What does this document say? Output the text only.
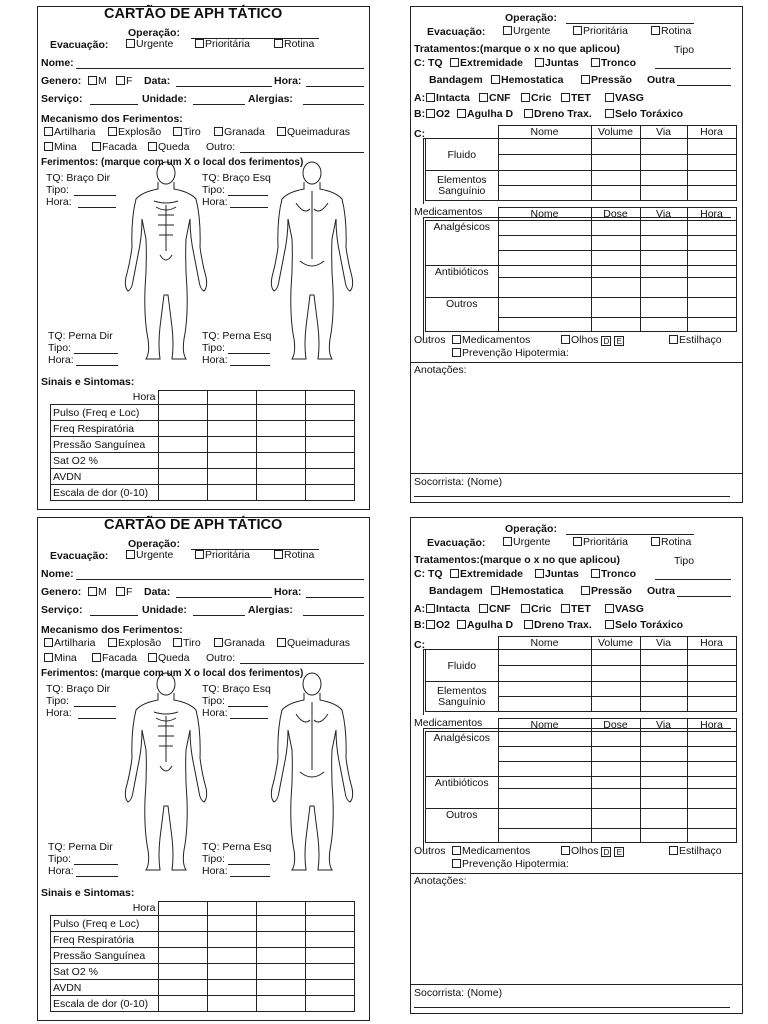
CARTÃO DE APH TÁTICO
Operação:
Evacuação:	Urgente	Prioritária	Rotina
Nome:
Genero:	M	F Data:	Hora:
Serviço:	Unidade:	Alergias:
Mecanismo dos Ferimentos:
Artilharia	Explosão	Tiro	Granada	Queimaduras
Mina	Facada	Queda Outro:
Ferimentos: (marque com um X o local dos ferimentos)
TQ: Braço Dir
Tipo:
Hora:
TQ: Braço Esq
Tipo:
Hora:
TQ: Perna Dir
Tipo:
Hora:
TQ: Perna Esq
Tipo:
Hora:
Sinais e Sintomas:
Hora				
Pulso (Freq e Loc)				
Freq Respiratória				
Pressão Sanguínea				
Sat O2 %				
AVDN				
Escala de dor (0-10)				
Operação:
Evacuação:	Urgente	Prioritária	Rotina
Tratamentos:(marque o x no que aplicou)	Tipo
C: TQ	Extremidade	Juntas	Tronco
Bandagem	Hemostatica	Pressão Outra
A:	Intacta	CNF	Cric	TET	VASG
B:	O2	Agulha D	Dreno Trax.	Selo Toráxico
C:
		Nome	Volume	Via	Hora
Fluido				

Elementos
Sanguínio				

Medicamentos
		Nome	Dose	Via	Hora
Analgésicos				

Antibióticos				

Outros				

Outros	Medicamentos	Olhos D E	Estilhaço
Prevenção Hipotermia:
Anotações:
Socorrista: (Nome)
CARTÃO DE APH TÁTICO
Operação:
Evacuação:	Urgente	Prioritária	Rotina
Nome:
Genero:	M	F Data:	Hora:
Serviço:	Unidade:	Alergias:
Mecanismo dos Ferimentos:
Artilharia	Explosão	Tiro	Granada	Queimaduras
Mina	Facada	Queda Outro:
Ferimentos: (marque com um X o local dos ferimentos)
TQ: Braço Dir
Tipo:
Hora:
TQ: Braço Esq
Tipo:
Hora:
TQ: Perna Dir
Tipo:
Hora:
TQ: Perna Esq
Tipo:
Hora:
Sinais e Sintomas:
Hora				
Pulso (Freq e Loc)				
Freq Respiratória				
Pressão Sanguínea				
Sat O2 %				
AVDN				
Escala de dor (0-10)				
Operação:
Evacuação:	Urgente	Prioritária	Rotina
Tratamentos:(marque o x no que aplicou)	Tipo
C: TQ	Extremidade	Juntas	Tronco
Bandagem	Hemostatica	Pressão Outra
A:	Intacta	CNF	Cric	TET	VASG
B:	O2	Agulha D	Dreno Trax.	Selo Toráxico
C:
		Nome	Volume	Via	Hora
Fluido				

Elementos
Sanguínio				

Medicamentos
		Nome	Dose	Via	Hora
Analgésicos				

Antibióticos				

Outros				

Outros	Medicamentos	Olhos D E	Estilhaço
Prevenção Hipotermia:
Anotações:
Socorrista: (Nome)
